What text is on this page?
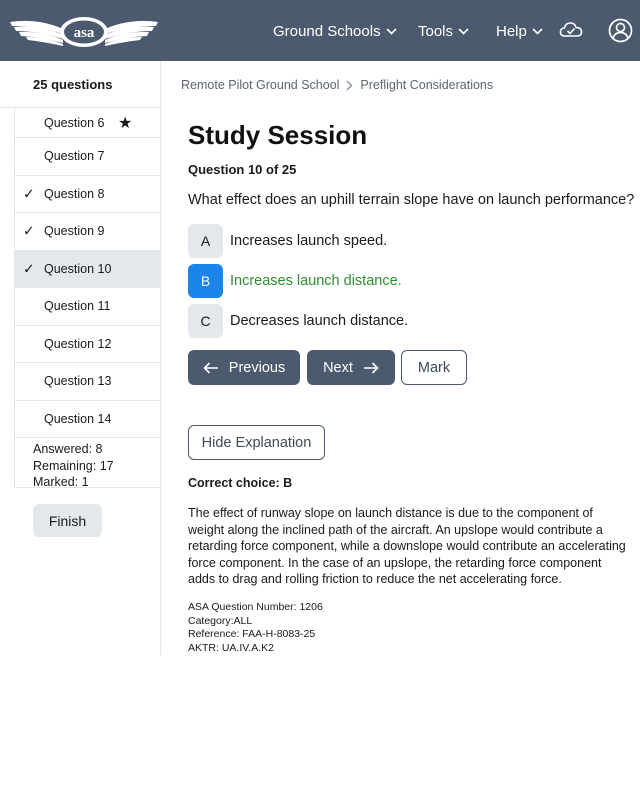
asa	Ground Schools Tools	Help
25 questions
Question 6 ★
Question 7
✓ Question 8
✓ Question 9
✓ Question 10
Question 11
Question 12
Question 13
Question 14
Answered: 8
Remaining: 17
Marked: 1
Finish
Remote Pilot Ground School Preflight Considerations
Study Session
Question 10 of 25
What effect does an uphill terrain slope have on launch performance?
A	Increases launch speed.
B	Increases launch distance.
C	Decreases launch distance.
Previous	Next	Mark
Hide Explanation
Correct choice: B
The effect of runway slope on launch distance is due to the component of weight along the inclined path of the aircraft. An upslope would contribute a retarding force component, while a downslope would contribute an accelerating force component. In the case of an upslope, the retarding force component adds to drag and rolling friction to reduce the net accelerating force.
ASA Question Number: 1206
Category:ALL
Reference: FAA-H-8083-25
AKTR: UA.IV.A.K2
